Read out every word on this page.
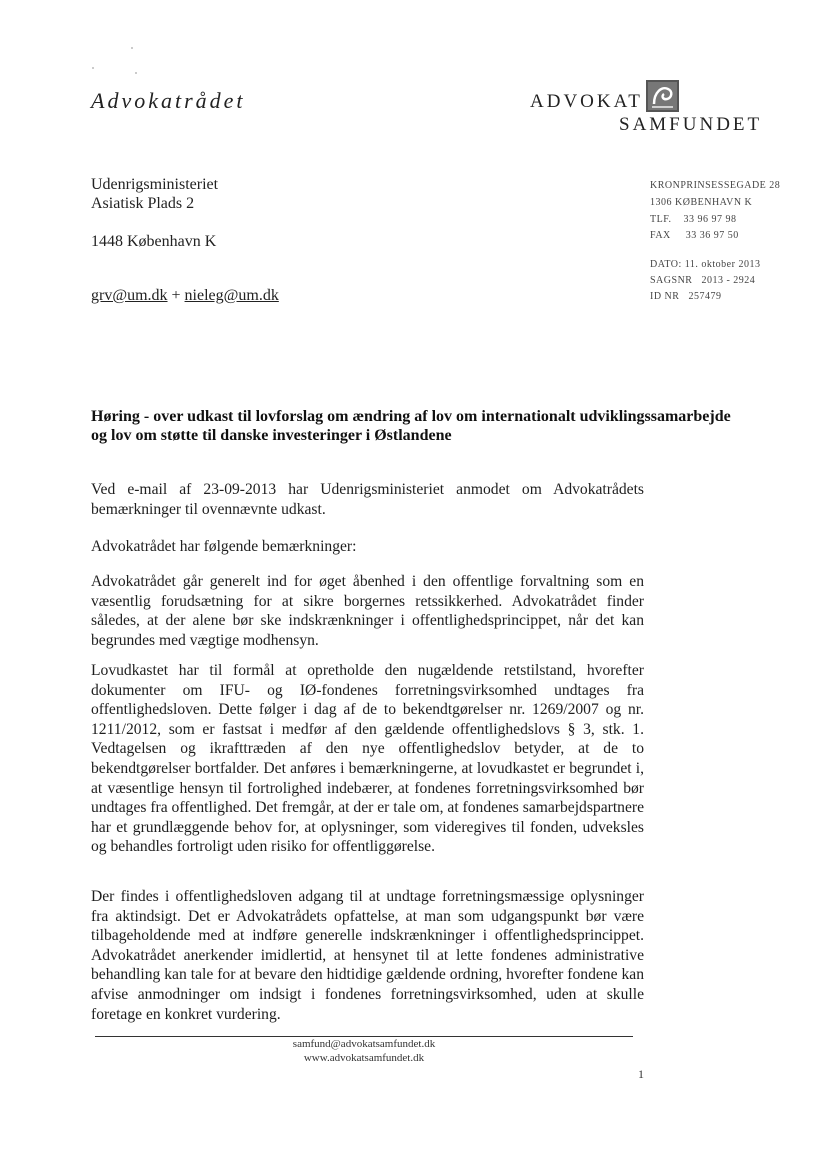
Advokatrådet	ADVOKAT
SAMFUNDET
Udenrigsministeriet
Asiatisk Plads 2
1448 København K
grv@um.dk + nieleg@um.dk
KRONPRINSESSEGADE 28
1306 KØBENHAVN K
TLF.    33 96 97 98
FAX     33 36 97 50
DATO: 11. oktober 2013
SAGSNR   2013 - 2924
ID NR   257479
Høring - over udkast til lovforslag om ændring af lov om internationalt udviklingssamarbejde og lov om støtte til danske investeringer i Østlandene
Ved e-mail af 23-09-2013 har Udenrigsministeriet anmodet om Advokatrådets bemærkninger til ovennævnte udkast.
Advokatrådet har følgende bemærkninger:
Advokatrådet går generelt ind for øget åbenhed i den offentlige forvaltning som en væsentlig forudsætning for at sikre borgernes retssikkerhed. Advokatrådet finder således, at der alene bør ske indskrænkninger i offentlighedsprincippet, når det kan begrundes med vægtige modhensyn.
Lovudkastet har til formål at opretholde den nugældende retstilstand, hvorefter dokumenter om IFU- og IØ-fondenes forretningsvirksomhed undtages fra offentlighedsloven. Dette følger i dag af de to bekendtgørelser nr. 1269/2007 og nr. 1211/2012, som er fastsat i medfør af den gældende offentlighedslovs § 3, stk. 1. Vedtagelsen og ikrafttræden af den nye offentlighedslov betyder, at de to bekendtgørelser bortfalder. Det anføres i bemærkningerne, at lovudkastet er begrundet i, at væsentlige hensyn til fortrolighed indebærer, at fondenes forretningsvirksomhed bør undtages fra offentlighed. Det fremgår, at der er tale om, at fondenes samarbejdspartnere har et grundlæggende behov for, at oplysninger, som videregives til fonden, udveksles og behandles fortroligt uden risiko for offentliggørelse.
Der findes i offentlighedsloven adgang til at undtage forretningsmæssige oplysninger fra aktindsigt. Det er Advokatrådets opfattelse, at man som udgangspunkt bør være tilbageholdende med at indføre generelle indskrænkninger i offentlighedsprincippet. Advokatrådet anerkender imidlertid, at hensynet til at lette fondenes administrative behandling kan tale for at bevare den hidtidige gældende ordning, hvorefter fondene kan afvise anmodninger om indsigt i fondenes forretningsvirksomhed, uden at skulle foretage en konkret vurdering.
samfund@advokatsamfundet.dk
www.advokatsamfundet.dk
1
